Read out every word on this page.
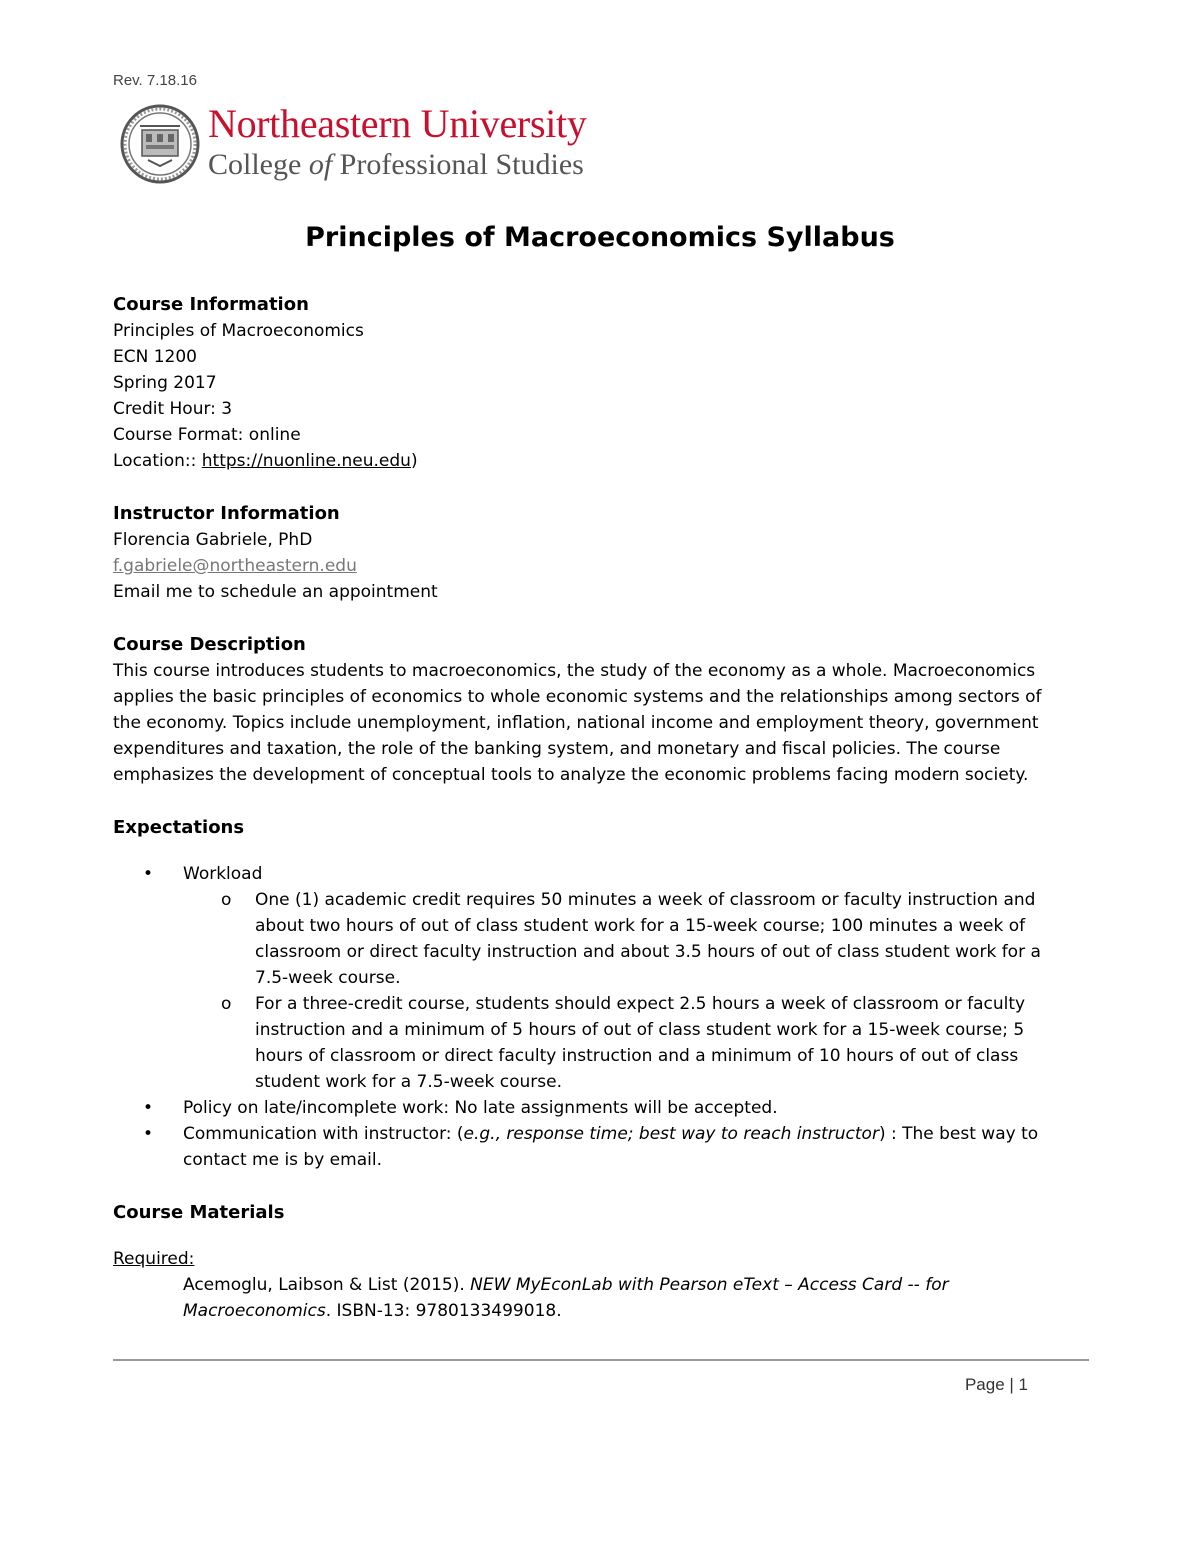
Rev. 7.18.16
Northeastern University
College of Professional Studies
Principles of Macroeconomics Syllabus

Course Information

Principles of Macroeconomics

ECN 1200

Spring 2017

Credit Hour: 3

Course Format: online

Location:: https://nuonline.neu.edu)

Instructor Information

Florencia Gabriele, PhD

f.gabriele@northeastern.edu

Email me to schedule an appointment

Course Description

This course introduces students to macroeconomics, the study of the economy as a whole. Macroeconomics

applies the basic principles of economics to whole economic systems and the relationships among sectors of

the economy. Topics include unemployment, inflation, national income and employment theory, government

expenditures and taxation, the role of the banking system, and monetary and fiscal policies. The course

emphasizes the development of conceptual tools to analyze the economic problems facing modern society.

Expectations

• Workload

o One (1) academic credit requires 50 minutes a week of classroom or faculty instruction and

about two hours of out of class student work for a 15-week course; 100 minutes a week of

classroom or direct faculty instruction and about 3.5 hours of out of class student work for a

7.5-week course.

o For a three-credit course, students should expect 2.5 hours a week of classroom or faculty

instruction and a minimum of 5 hours of out of class student work for a 15-week course; 5

hours of classroom or direct faculty instruction and a minimum of 10 hours of out of class

student work for a 7.5-week course.

• Policy on late/incomplete work: No late assignments will be accepted.

• Communication with instructor: (e.g., response time; best way to reach instructor) : The best way to

contact me is by email.

Course Materials

Required:

Acemoglu, Laibson & List (2015). NEW MyEconLab with Pearson eText – Access Card -- for

Macroeconomics. ISBN-13: 9780133499018.

Page | 1
